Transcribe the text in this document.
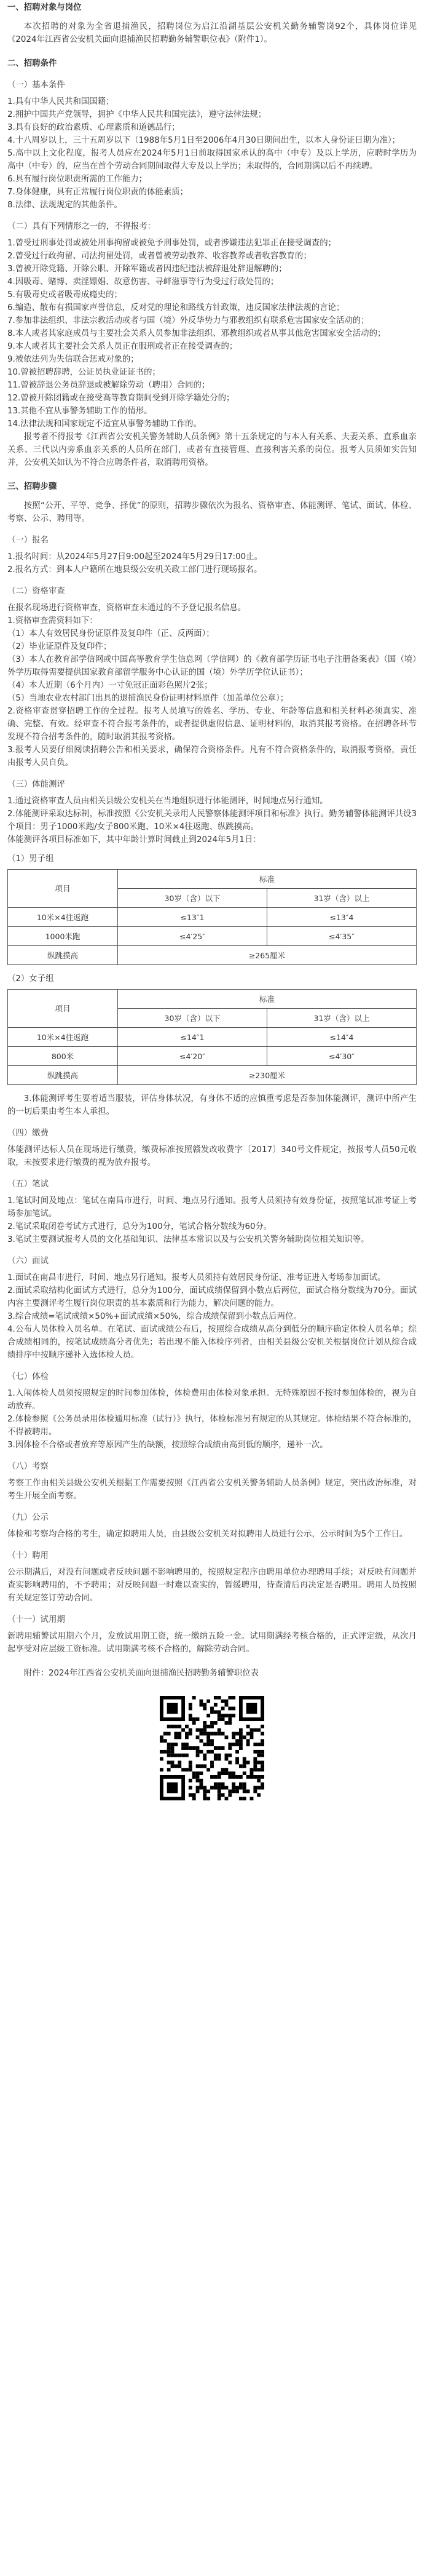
一、招聘对象与岗位
本次招聘的对象为全省退捕渔民，招聘岗位为启江沿湖基层公安机关勤务辅警岗92个，具体岗位详见《2024年江西省公安机关面向退捕渔民招聘勤务辅警职位表》（附件1）。
二、招聘条件
（一）基本条件
1.具有中华人民共和国国籍；
2.拥护中国共产党领导，拥护《中华人民共和国宪法》，遵守法律法规；
3.具有良好的政治素质、心理素质和道德品行；
4.十八周岁以上，三十五周岁以下（1988年5月1日至2006年4月30日期间出生，以本人身份证日期为准）；
5.高中以上文化程度，报考人员应在2024年5月1日前取得国家承认的高中（中专）及以上学历，应聘时学历为高中（中专）的，应当在首个劳动合同期间取得大专及以上学历；未取得的，合同期满以后不再续聘。
6.具有履行岗位职责所需的工作能力；
7.身体健康，具有正常履行岗位职责的体能素质；
8.法律、法规规定的其他条件。
（二）具有下列情形之一的，不得报考：
1.曾受过刑事处罚或被处刑事拘留或被免予刑事处罚，或者涉嫌违法犯罪正在接受调查的；
2.曾受过行政拘留、司法拘留处罚，或者曾被劳动教养、收容教养或者收容教育的；
3.曾被开除党籍、开除公职、开除军籍或者因违纪违法被辞退处辞退解聘的；
4.因吸毒、赌博、卖淫嫖娼、故意伤害、寻衅滋事等行为受过行政处罚的；
5.有吸毒史或者吸毒成瘾史的；
6.编造、散布有损国家声誉信息，反对党的理论和路线方针政策，违反国家法律法规的言论；
7.参加非法组织、非法宗教活动或者与国（境）外反华势力与邪教组织有联系危害国家安全活动的；
8.本人或者其家庭成员与主要社会关系人员参加非法组织、邪教组织或者从事其他危害国家安全活动的；
9.本人或者其主要社会关系人员正在服刑或者正在接受调查的；
9.被依法列为失信联合惩戒对象的；
10.曾被招聘辞聘，公证员执业证证书的；
11.曾被辞退公务员辞退或被解除劳动（聘用）合同的；
12.曾被开除团籍或在接受高等教育期间受到开除学籍处分的；
13.其他不宜从事警务辅助工作的情形。
14.法律法规和国家规定不适宜从事警务辅助工作的。
报考者不得报考《江西省公安机关警务辅助人员条例》第十五条规定的与本人有关系、夫妻关系、直系血亲关系、三代以内旁系血亲关系的人员所在部门，或者有直接管理、直接利害关系的岗位。报考人员须如实告知并，公安机关如认为不符合应聘条件者，取消聘用资格。
三、招聘步骤
按照“公开、平等、竞争、择优”的原则，招聘步骤依次为报名、资格审查、体能测评、笔试、面试、体检、考察、公示、聘用等。
（一）报名
1.报名时间：从2024年5月27日9:00起至2024年5月29日17:00止。
2.报名方式：到本人户籍所在地县级公安机关政工部门进行现场报名。
（二）资格审查
在报名现场进行资格审查，资格审查未通过的不予登记报名信息。
1.资格审查需资料如下：
（1）本人有效居民身份证原件及复印件（正、反两面）；
（2）毕业证原件及复印件；
（3）本人在教育部学信网或中国高等教育学生信息网（学信网）的《教育部学历证书电子注册备案表》（国（境）外学历取得需要提供国家教育部留学服务中心认证的国（境）外学历学位认证书）；
（4）本人近期（6个月内）一寸免冠正面彩色照片2张；
（5）当地农业农村部门出具的退捕渔民身份证明材料原件（加盖单位公章）；
2.资格审查贯穿招聘工作的全过程。报考人员填写的姓名、学历、专业、年龄等信息和相关材料必须真实、准确、完整、有效。经审查不符合报考条件的，或者提供虚假信息、证明材料的，取消其报考资格。在招聘各环节发现不符合招考条件的，随时取消其报考资格。
3.报考人员要仔细阅读招聘公告和相关要求，确保符合资格条件。凡有不符合资格条件的，取消报考资格，责任由报考人员自负。
（三）体能测评
1.通过资格审查人员由相关县级公安机关在当地组织进行体能测评，时间地点另行通知。
2.体能测评采取达标制，标准按照《公安机关录用人民警察体能测评项目和标准》执行。勤务辅警体能测评共设3个项目：男子1000米跑/女子800米跑、10米×4往返跑、纵跳摸高。
体能测评各项目标准如下，其中年龄计算时间截止到2024年5月1日：
（1）男子组
项目	标准	
	30岁（含）以下	31岁（含）以上
10米×4往返跑	≤13″1	≤13″4
1000米跑	≤4′25″	≤4′35″
纵跳摸高	≥265厘米	
（2）女子组
项目	标准	
	30岁（含）以下	31岁（含）以上
10米×4往返跑	≤14″1	≤14″4
800米	≤4′20″	≤4′30″
纵跳摸高	≥230厘米	
3.体能测评考生要着适当服装，评估身体状况，有身体不适的应慎重考虑是否参加体能测评，测评中所产生的一切后果由考生本人承担。
（四）缴费
体能测评达标人员在现场进行缴费，缴费标准按照赣发改收费字〔2017〕340号文件规定，按报考人员50元收取，未按要求进行缴费的视为放弃报考。
（五）笔试
1.笔试时间及地点：笔试在南昌市进行，时间、地点另行通知。报考人员须持有效身份证，按照笔试准考证上考场参加笔试。
2.笔试采取闭卷考试方式进行，总分为100分，笔试合格分数线为60分。
3.笔试主要测试报考人员的文化基础知识、法律基本常识以及与公安机关警务辅助岗位相关知识等。
（六）面试
1.面试在南昌市进行，时间、地点另行通知。报考人员须持有效居民身份证、准考证进入考场参加面试。
2.面试采取结构化面试方式进行，总分为100分，面试成绩保留到小数点后两位，面试合格分数线为70分。面试内容主要测评考生履行岗位职责的基本素质和行为能力，解决问题的能力。
3.综合成绩=笔试成绩×50%+面试成绩×50%，综合成绩保留到小数点后两位。
4.公布人员体检入员名单。在笔试、面试成绩公布后，按照综合成绩从高分到低分的顺序确定体检人员名单；综合成绩相同的，按笔试成绩高分者优先；若出现不能入体检序列者，由相关县级公安机关根据岗位计划从综合成绩排序中按顺序递补入选体检人员。
（七）体检
1.入闱体检人员须按照规定的时间参加体检，体检费用由体检对象承担。无特殊原因不按时参加体检的，视为自动放弃。
2.体检参照《公务员录用体检通用标准（试行）》执行，体检标准另有规定的从其规定。体检结果不符合标准的，不得被聘用。
3.因体检不合格或者放弃等原因产生的缺额，按照综合成绩由高到低的顺序，递补一次。
（八）考察
考察工作由相关县级公安机关根据工作需要按照《江西省公安机关警务辅助人员条例》规定，突出政治标准，对考生开展全面考察。
（九）公示
体检和考察均合格的考生，确定拟聘用人员，由县级公安机关对拟聘用人员进行公示，公示时间为5个工作日。
（十）聘用
公示期满后，对没有问题或者反映问题不影响聘用的，按照规定程序由聘用单位办理聘用手续；对反映有问题并查实影响聘用的，不予聘用；对反映问题一时难以查实的，暂缓聘用，待查清后再决定是否聘用。聘用人员按照有关规定签订劳动合同。
（十一）试用期
新聘用辅警试用期六个月，发放试用期工资，统一缴纳五险一金。试用期满经考核合格的，正式评定级，从次月起享受对应层级工资标准。试用期满考核不合格的，解除劳动合同。
附件：2024年江西省公安机关面向退捕渔民招聘勤务辅警职位表
